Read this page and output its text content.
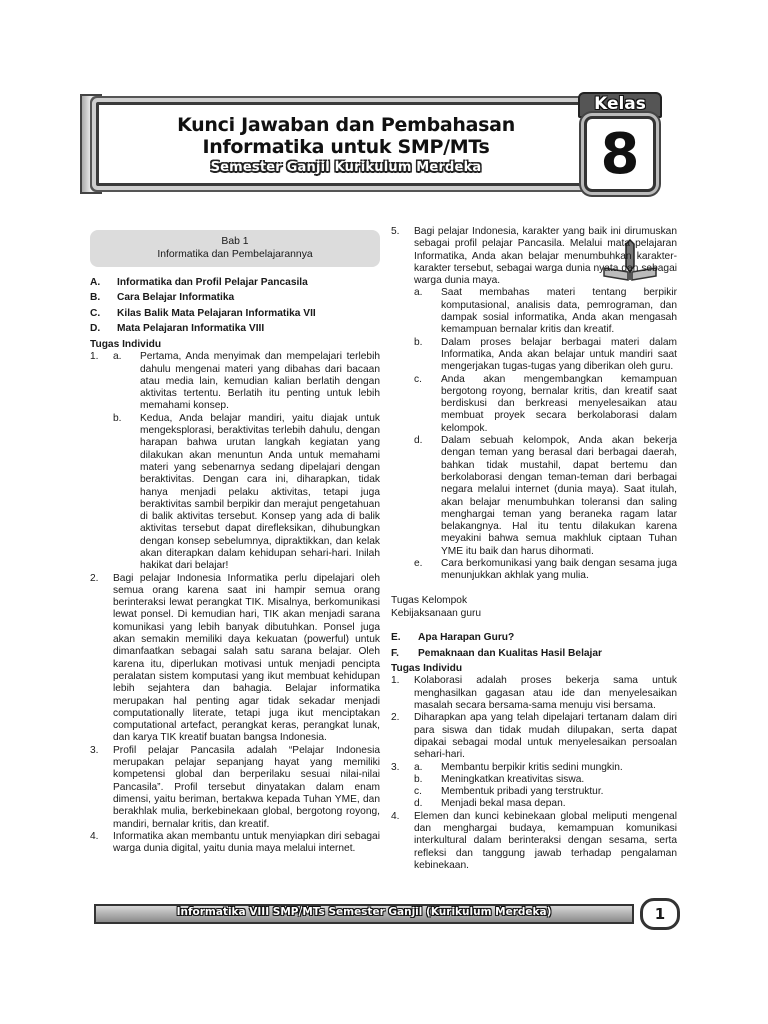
Kunci Jawaban dan Pembahasan
Informatika untuk SMP/MTs
Semester Ganjil Kurikulum Merdeka
Kelas
8
Bab 1
Informatika dan Pembelajarannya
A.	Informatika dan Profil Pelajar Pancasila
B.	Cara Belajar Informatika
C.	Kilas Balik Mata Pelajaran Informatika VII
D.	Mata Pelajaran Informatika VIII
Tugas Individu
1.	a.	Pertama, Anda menyimak dan mempelajari terlebih dahulu mengenai materi yang dibahas dari bacaan atau media lain, kemudian kalian berlatih dengan aktivitas tertentu. Berlatih itu penting untuk lebih memahami konsep.
b.	Kedua, Anda belajar mandiri, yaitu diajak untuk mengeksplorasi, beraktivitas terlebih dahulu, dengan harapan bahwa urutan langkah kegiatan yang dilakukan akan menuntun Anda untuk memahami materi yang sebenarnya sedang dipelajari dengan beraktivitas. Dengan cara ini, diharapkan, tidak hanya menjadi pelaku aktivitas, tetapi juga beraktivitas sambil berpikir dan merajut pengetahuan di balik aktivitas tersebut. Konsep yang ada di balik aktivitas tersebut dapat direfleksikan, dihubungkan dengan konsep sebelumnya, dipraktikkan, dan kelak akan diterapkan dalam kehidupan sehari-hari. Inilah hakikat dari belajar!
2.	Bagi pelajar Indonesia Informatika perlu dipelajari oleh semua orang karena saat ini hampir semua orang berinteraksi lewat perangkat TIK. Misalnya, berkomunikasi lewat ponsel. Di kemudian hari, TIK akan menjadi sarana komunikasi yang lebih banyak dibutuhkan. Ponsel juga akan semakin memiliki daya kekuatan (powerful) untuk dimanfaatkan sebagai salah satu sarana belajar. Oleh karena itu, diperlukan motivasi untuk menjadi pencipta peralatan sistem komputasi yang ikut membuat kehidupan lebih sejahtera dan bahagia. Belajar informatika merupakan hal penting agar tidak sekadar menjadi computationally literate, tetapi juga ikut menciptakan computational artefact, perangkat keras, perangkat lunak, dan karya TIK kreatif buatan bangsa Indonesia.
3.	Profil pelajar Pancasila adalah “Pelajar Indonesia merupakan pelajar sepanjang hayat yang memiliki kompetensi global dan berperilaku sesuai nilai-nilai Pancasila”. Profil tersebut dinyatakan dalam enam dimensi, yaitu beriman, bertakwa kepada Tuhan YME, dan berakhlak mulia, berkebinekaan global, bergotong royong, mandiri, bernalar kritis, dan kreatif.
4.	Informatika akan membantu untuk menyiapkan diri sebagai warga dunia digital, yaitu dunia maya melalui internet.
5.	Bagi pelajar Indonesia, karakter yang baik ini dirumuskan sebagai profil pelajar Pancasila. Melalui mata pelajaran Informatika, Anda akan belajar menumbuhkan karakter-karakter tersebut, sebagai warga dunia nyata dan sebagai warga dunia maya.
a.	Saat membahas materi tentang berpikir komputasional, analisis data, pemrograman, dan dampak sosial informatika, Anda akan mengasah kemampuan bernalar kritis dan kreatif.
b.	Dalam proses belajar berbagai materi dalam Informatika, Anda akan belajar untuk mandiri saat mengerjakan tugas-tugas yang diberikan oleh guru.
c.	Anda akan mengembangkan kemampuan bergotong royong, bernalar kritis, dan kreatif saat berdiskusi dan berkreasi menyelesaikan atau membuat proyek secara berkolaborasi dalam kelompok.
d.	Dalam sebuah kelompok, Anda akan bekerja dengan teman yang berasal dari berbagai daerah, bahkan tidak mustahil, dapat bertemu dan berkolaborasi dengan teman-teman dari berbagai negara melalui internet (dunia maya). Saat itulah, akan belajar menumbuhkan toleransi dan saling menghargai teman yang beraneka ragam latar belakangnya. Hal itu tentu dilakukan karena meyakini bahwa semua makhluk ciptaan Tuhan YME itu baik dan harus dihormati.
e.	Cara berkomunikasi yang baik dengan sesama juga menunjukkan akhlak yang mulia.
Tugas Kelompok
Kebijaksanaan guru
E.	Apa Harapan Guru?
F.	Pemaknaan dan Kualitas Hasil Belajar
Tugas Individu
1.	Kolaborasi adalah proses bekerja sama untuk menghasilkan gagasan atau ide dan menyelesaikan masalah secara bersama-sama menuju visi bersama.
2.	Diharapkan apa yang telah dipelajari tertanam dalam diri para siswa dan tidak mudah dilupakan, serta dapat dipakai sebagai modal untuk menyelesaikan persoalan sehari-hari.
3.	a.	Membantu berpikir kritis sedini mungkin.
b.	Meningkatkan kreativitas siswa.
c.	Membentuk pribadi yang terstruktur.
d.	Menjadi bekal masa depan.
4.	Elemen dan kunci kebinekaan global meliputi mengenal dan menghargai budaya, kemampuan komunikasi interkultural dalam berinteraksi dengan sesama, serta refleksi dan tanggung jawab terhadap pengalaman kebinekaan.
Informatika VIII SMP/MTs Semester Ganjil (Kurikulum Merdeka)	1
